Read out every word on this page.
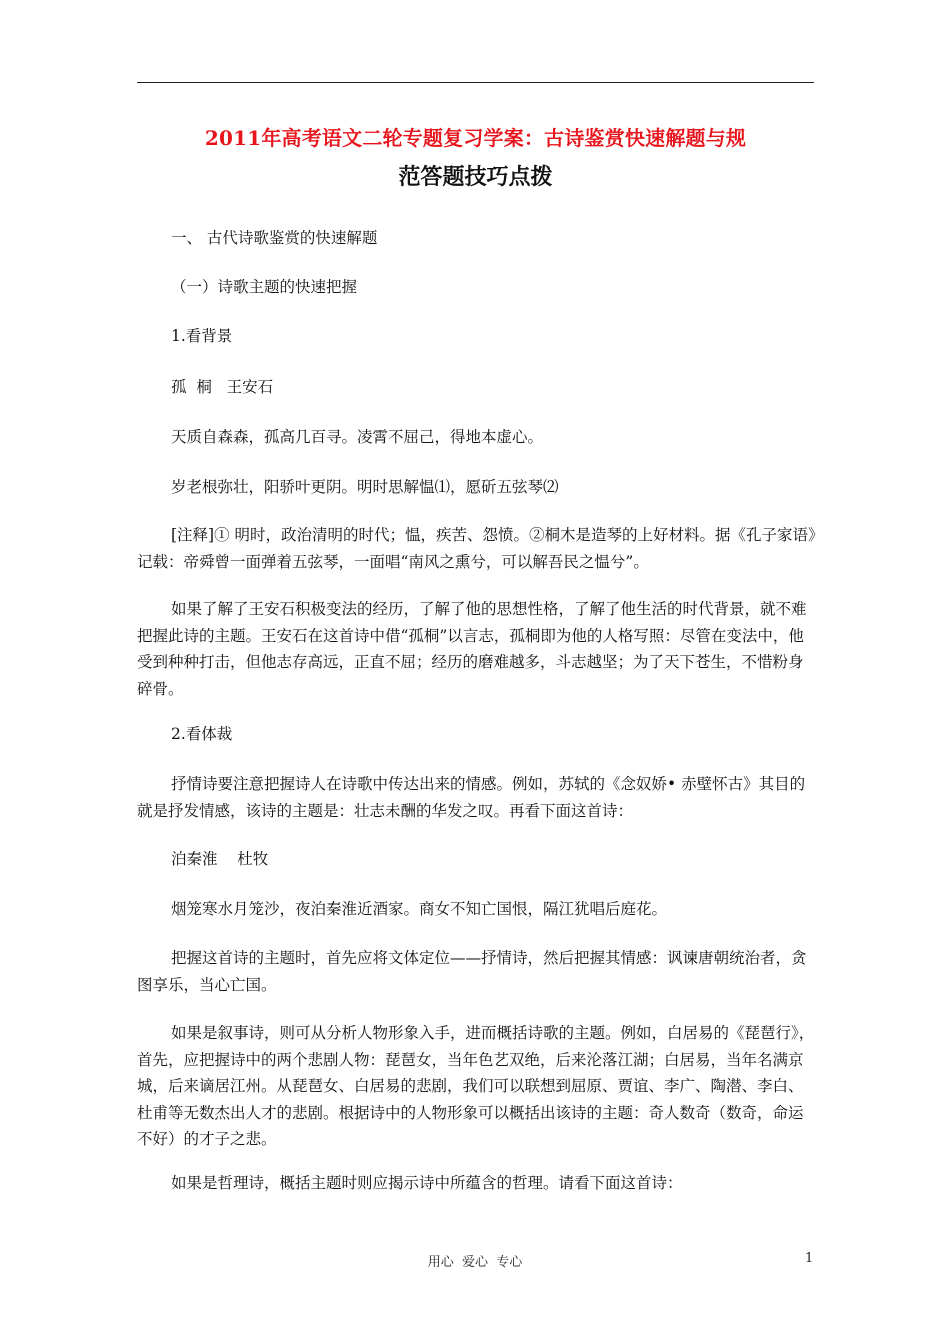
2011年高考语文二轮专题复习学案：古诗鉴赏快速解题与规
范答题技巧点拨
一、 古代诗歌鉴赏的快速解题
（一）诗歌主题的快速把握
1.看背景
孤  桐   王安石
天质自森森，孤高几百寻。凌霄不屈己，得地本虚心。
岁老根弥壮，阳骄叶更阴。明时思解愠⑴，愿斫五弦琴⑵
[注释]① 明时，政治清明的时代；愠，疾苦、怨愤。②桐木是造琴的上好材料。据《孔子家语》记载：帝舜曾一面弹着五弦琴，一面唱“南风之熏兮，可以解吾民之愠兮”。
如果了解了王安石积极变法的经历，了解了他的思想性格，了解了他生活的时代背景，就不难把握此诗的主题。王安石在这首诗中借“孤桐”以言志，孤桐即为他的人格写照：尽管在变法中，他受到种种打击，但他志存高远，正直不屈；经历的磨难越多，斗志越坚；为了天下苍生，不惜粉身碎骨。
2.看体裁
抒情诗要注意把握诗人在诗歌中传达出来的情感。例如，苏轼的《念奴娇• 赤壁怀古》其目的就是抒发情感，该诗的主题是：壮志未酬的华发之叹。再看下面这首诗：
泊秦淮    杜牧
烟笼寒水月笼沙，夜泊秦淮近酒家。商女不知亡国恨，隔江犹唱后庭花。
把握这首诗的主题时，首先应将文体定位——抒情诗，然后把握其情感：讽谏唐朝统治者，贪图享乐，当心亡国。
如果是叙事诗，则可从分析人物形象入手，进而概括诗歌的主题。例如，白居易的《琵琶行》，首先，应把握诗中的两个悲剧人物：琵琶女，当年色艺双绝，后来沦落江湖；白居易，当年名满京城，后来谪居江州。从琵琶女、白居易的悲剧，我们可以联想到屈原、贾谊、李广、陶潜、李白、杜甫等无数杰出人才的悲剧。根据诗中的人物形象可以概括出该诗的主题：奇人数奇（数奇，命运不好）的才子之悲。
如果是哲理诗，概括主题时则应揭示诗中所蕴含的哲理。请看下面这首诗：
用心  爱心  专心	1
